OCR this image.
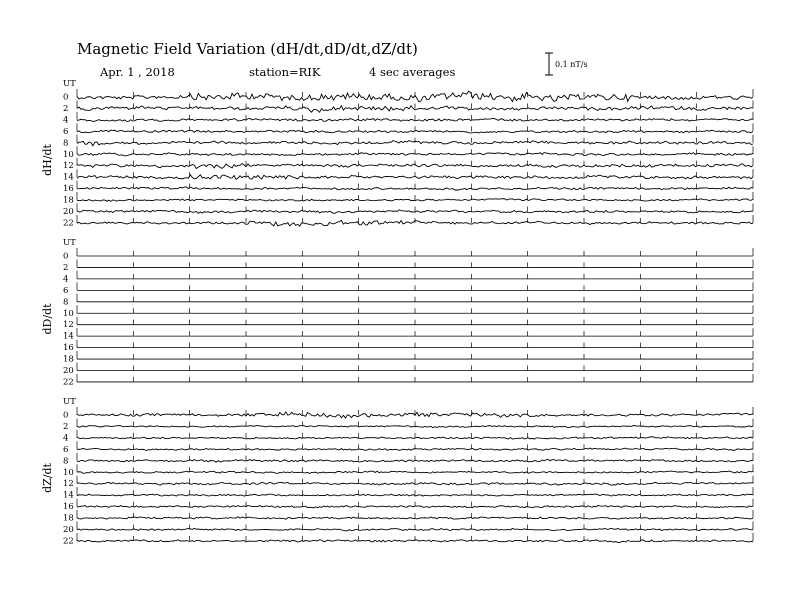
Magnetic Field Variation (dH/dt,dD/dt,dZ/dt)
Apr. 1 , 2018	station=RIK	4 sec averages
0.1 nT/s
UT
dH/dt
0
2
4
6
8
10
12
14
16
18
20
22
UT
dD/dt
0
2
4
6
8
10
12
14
16
18
20
22
UT
dZ/dt
0
2
4
6
8
10
12
14
16
18
20
22
